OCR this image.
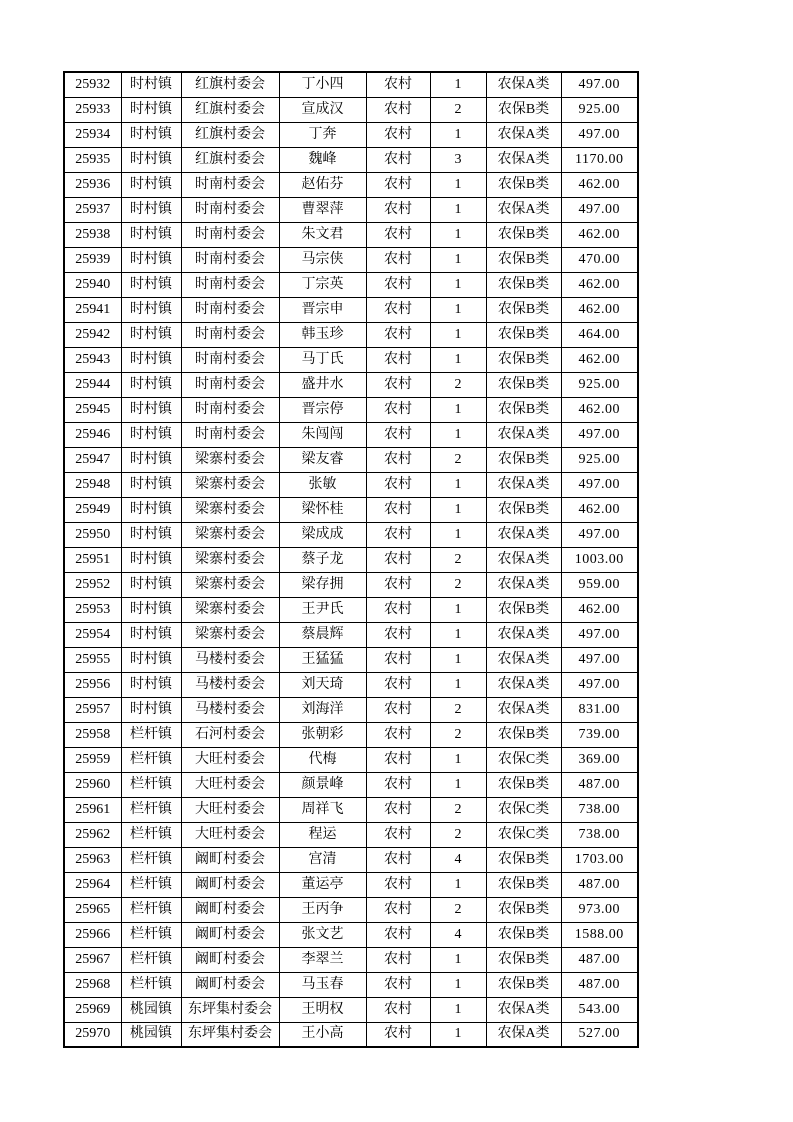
25932	时村镇	红旗村委会	丁小四	农村	1	农保A类	497.00
25933	时村镇	红旗村委会	宣成汉	农村	2	农保B类	925.00
25934	时村镇	红旗村委会	丁奔	农村	1	农保A类	497.00
25935	时村镇	红旗村委会	魏峰	农村	3	农保A类	1170.00
25936	时村镇	时南村委会	赵佑芬	农村	1	农保B类	462.00
25937	时村镇	时南村委会	曹翠萍	农村	1	农保A类	497.00
25938	时村镇	时南村委会	朱文君	农村	1	农保B类	462.00
25939	时村镇	时南村委会	马宗侠	农村	1	农保B类	470.00
25940	时村镇	时南村委会	丁宗英	农村	1	农保B类	462.00
25941	时村镇	时南村委会	晋宗申	农村	1	农保B类	462.00
25942	时村镇	时南村委会	韩玉珍	农村	1	农保B类	464.00
25943	时村镇	时南村委会	马丁氏	农村	1	农保B类	462.00
25944	时村镇	时南村委会	盛井水	农村	2	农保B类	925.00
25945	时村镇	时南村委会	晋宗停	农村	1	农保B类	462.00
25946	时村镇	时南村委会	朱闯闯	农村	1	农保A类	497.00
25947	时村镇	梁寨村委会	梁友睿	农村	2	农保B类	925.00
25948	时村镇	梁寨村委会	张敏	农村	1	农保A类	497.00
25949	时村镇	梁寨村委会	梁怀桂	农村	1	农保B类	462.00
25950	时村镇	梁寨村委会	梁成成	农村	1	农保A类	497.00
25951	时村镇	梁寨村委会	蔡子龙	农村	2	农保A类	1003.00
25952	时村镇	梁寨村委会	梁存拥	农村	2	农保A类	959.00
25953	时村镇	梁寨村委会	王尹氏	农村	1	农保B类	462.00
25954	时村镇	梁寨村委会	蔡晨辉	农村	1	农保A类	497.00
25955	时村镇	马楼村委会	王猛猛	农村	1	农保A类	497.00
25956	时村镇	马楼村委会	刘天琦	农村	1	农保A类	497.00
25957	时村镇	马楼村委会	刘海洋	农村	2	农保A类	831.00
25958	栏杆镇	石河村委会	张朝彩	农村	2	农保B类	739.00
25959	栏杆镇	大旺村委会	代梅	农村	1	农保C类	369.00
25960	栏杆镇	大旺村委会	颜景峰	农村	1	农保B类	487.00
25961	栏杆镇	大旺村委会	周祥飞	农村	2	农保C类	738.00
25962	栏杆镇	大旺村委会	程运	农村	2	农保C类	738.00
25963	栏杆镇	阚町村委会	宫清	农村	4	农保B类	1703.00
25964	栏杆镇	阚町村委会	董运亭	农村	1	农保B类	487.00
25965	栏杆镇	阚町村委会	王丙争	农村	2	农保B类	973.00
25966	栏杆镇	阚町村委会	张文艺	农村	4	农保B类	1588.00
25967	栏杆镇	阚町村委会	李翠兰	农村	1	农保B类	487.00
25968	栏杆镇	阚町村委会	马玉春	农村	1	农保B类	487.00
25969	桃园镇	东坪集村委会	王明权	农村	1	农保A类	543.00
25970	桃园镇	东坪集村委会	王小高	农村	1	农保A类	527.00
